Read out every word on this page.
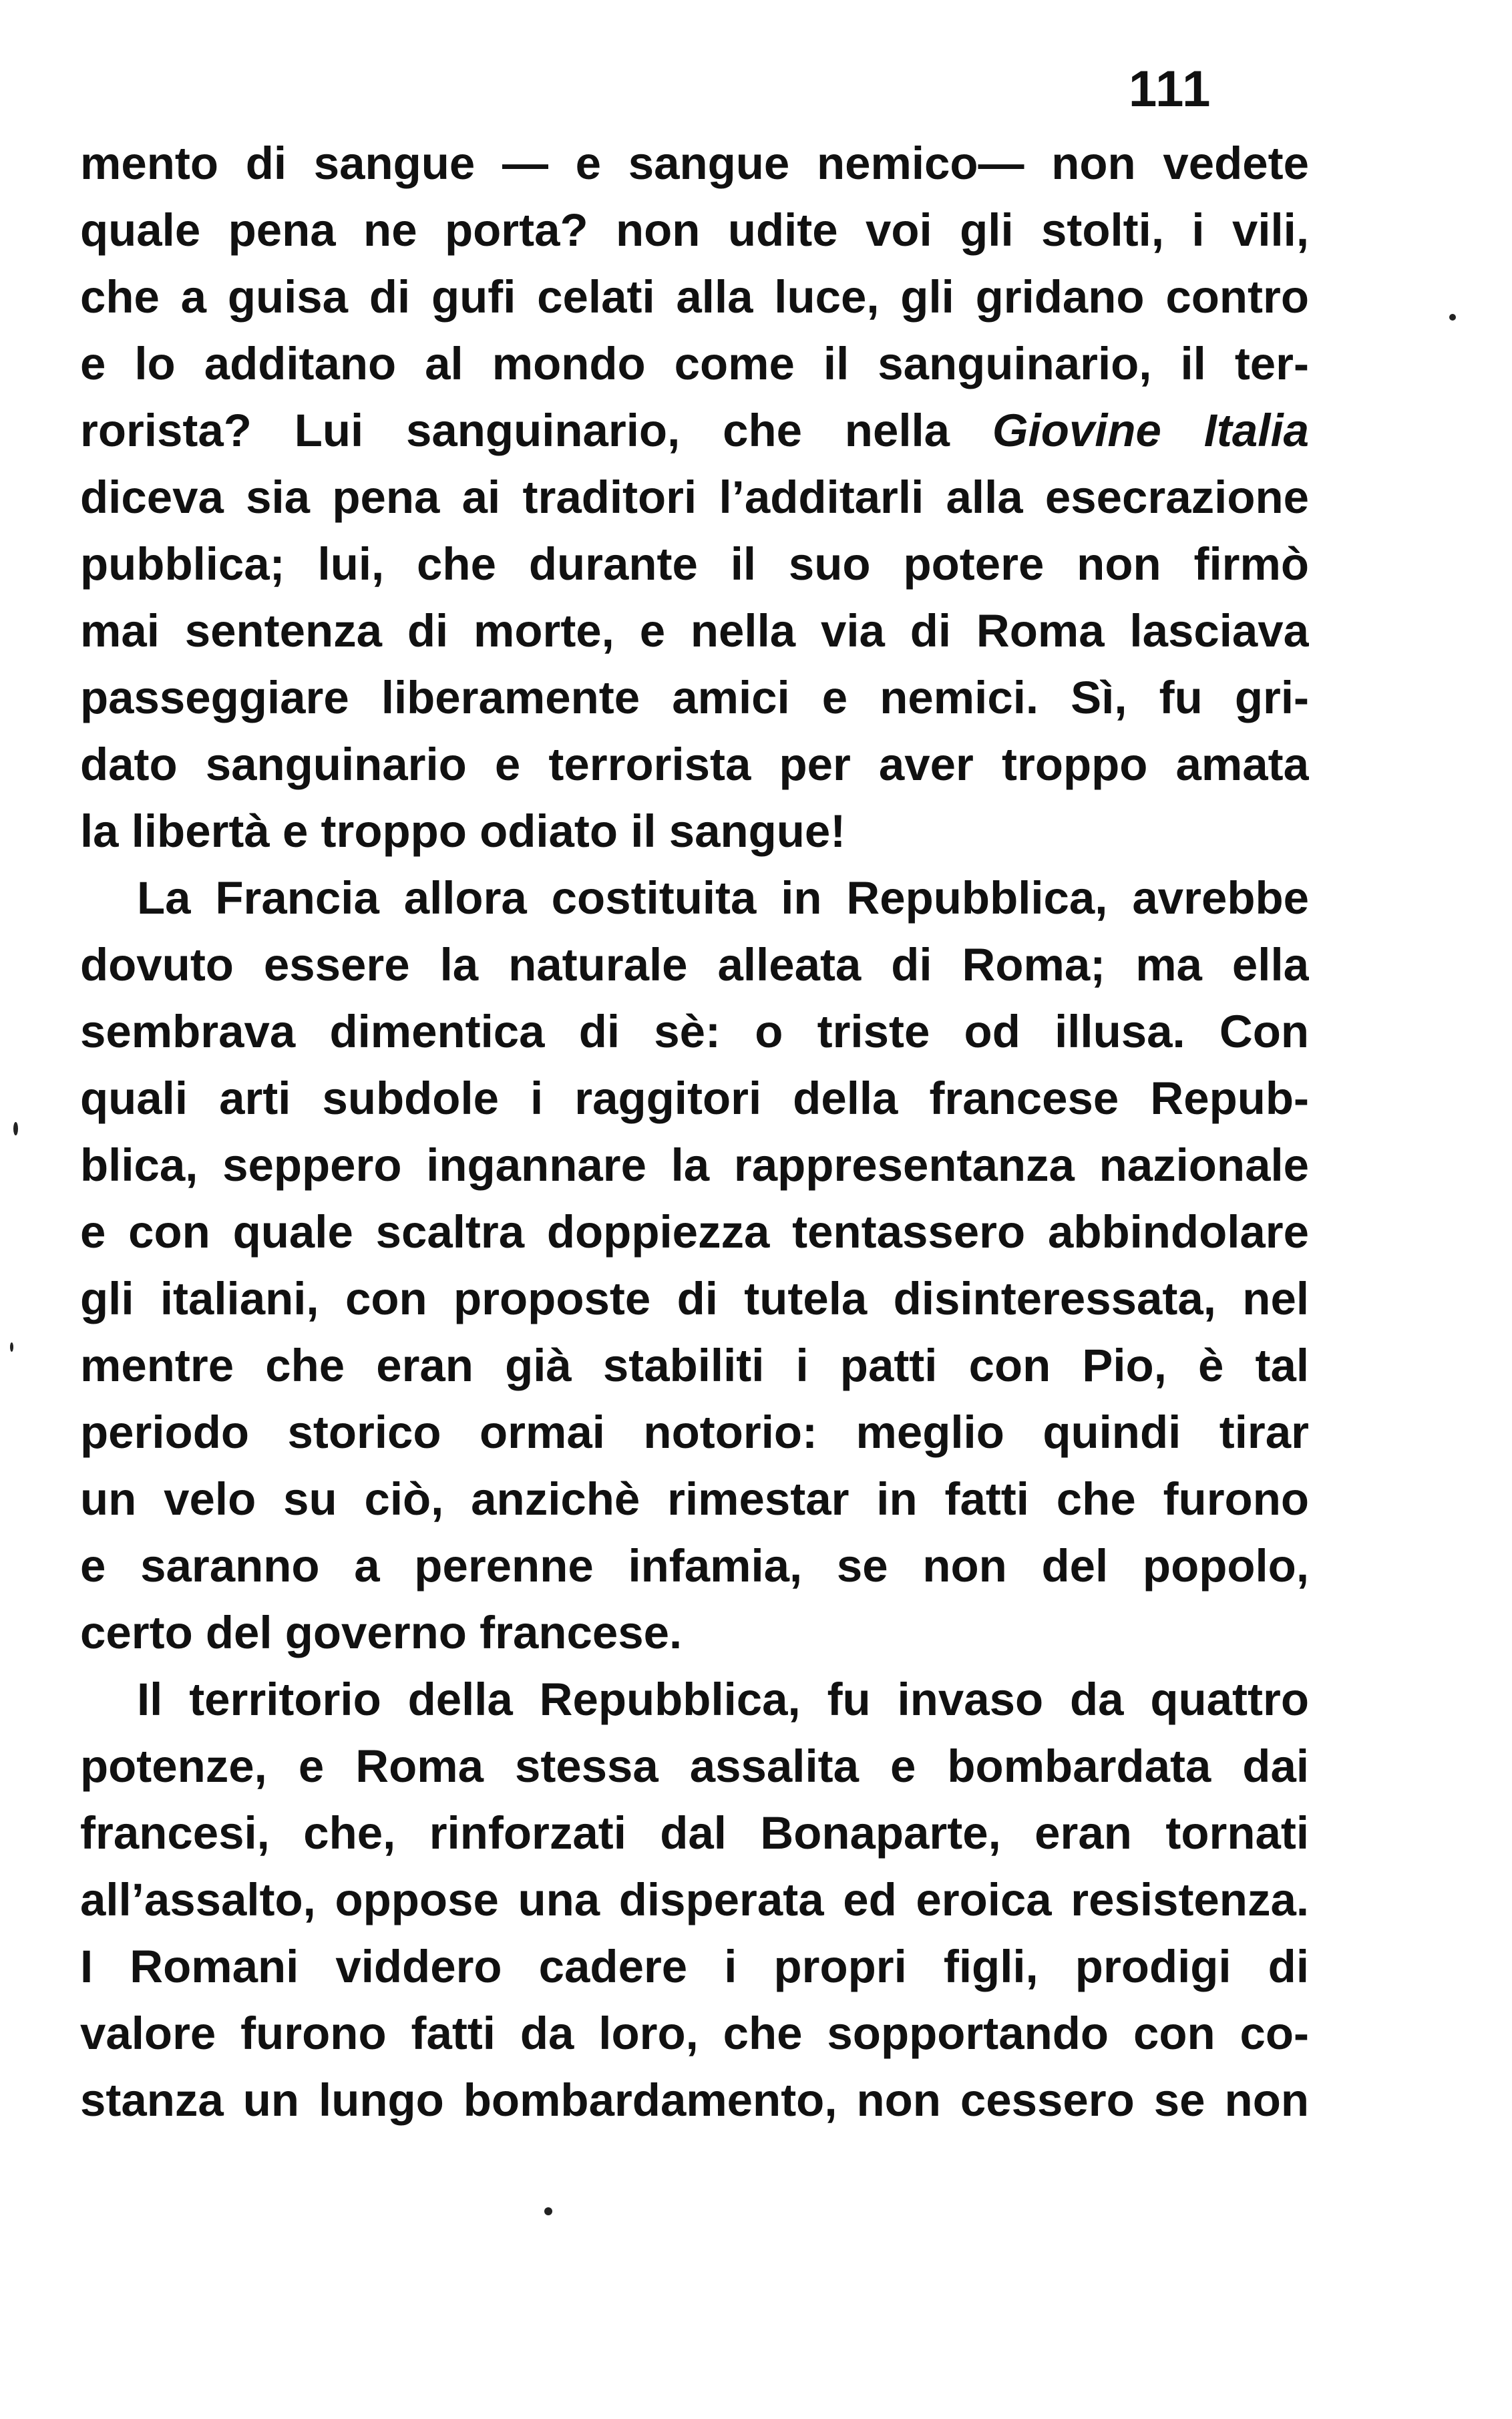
111
mento di sangue — e sangue nemico— non vedete
quale pena ne porta? non udite voi gli stolti, i vili,
che a guisa di gufi celati alla luce, gli gridano contro
e lo additano al mondo come il sanguinario, il ter-
rorista? Lui sanguinario, che nella Giovine Italia
diceva sia pena ai traditori l’additarli alla esecrazione
pubblica; lui, che durante il suo potere non firmò
mai sentenza di morte, e nella via di Roma lasciava
passeggiare liberamente amici e nemici. Sì, fu gri-
dato sanguinario e terrorista per aver troppo amata
la libertà e troppo odiato il sangue!
La Francia allora costituita in Repubblica, avrebbe
dovuto essere la naturale alleata di Roma; ma ella
sembrava dimentica di sè: o triste od illusa. Con
quali arti subdole i raggitori della francese Repub-
blica, seppero ingannare la rappresentanza nazionale
e con quale scaltra doppiezza tentassero abbindolare
gli italiani, con proposte di tutela disinteressata, nel
mentre che eran già stabiliti i patti con Pio, è tal
periodo storico ormai notorio: meglio quindi tirar
un velo su ciò, anzichè rimestar in fatti che furono
e saranno a perenne infamia, se non del popolo,
certo del governo francese.
Il territorio della Repubblica, fu invaso da quattro
potenze, e Roma stessa assalita e bombardata dai
francesi, che, rinforzati dal Bonaparte, eran tornati
all’assalto, oppose una disperata ed eroica resistenza.
I Romani viddero cadere i propri figli, prodigi di
valore furono fatti da loro, che sopportando con co-
stanza un lungo bombardamento, non cessero se non
